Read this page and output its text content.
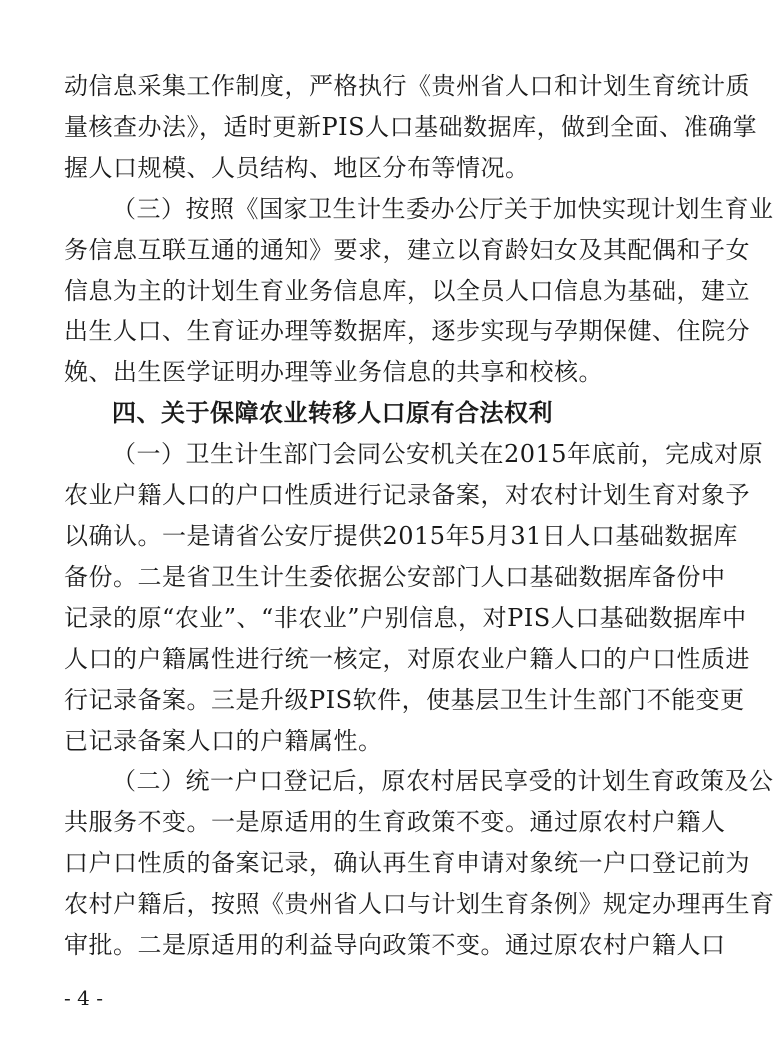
动信息采集工作制度，严格执行《贵州省人口和计划生育统计质
量核查办法》，适时更新PIS人口基础数据库，做到全面、准确掌
握人口规模、人员结构、地区分布等情况。
（三）按照《国家卫生计生委办公厅关于加快实现计划生育业
务信息互联互通的通知》要求，建立以育龄妇女及其配偶和子女
信息为主的计划生育业务信息库，以全员人口信息为基础，建立
出生人口、生育证办理等数据库，逐步实现与孕期保健、住院分
娩、出生医学证明办理等业务信息的共享和校核。
四、关于保障农业转移人口原有合法权利
（一）卫生计生部门会同公安机关在2015年底前，完成对原
农业户籍人口的户口性质进行记录备案，对农村计划生育对象予
以确认。一是请省公安厅提供2015年5月31日人口基础数据库
备份。二是省卫生计生委依据公安部门人口基础数据库备份中
记录的原“农业”、“非农业”户别信息，对PIS人口基础数据库中
人口的户籍属性进行统一核定，对原农业户籍人口的户口性质进
行记录备案。三是升级PIS软件，使基层卫生计生部门不能变更
已记录备案人口的户籍属性。
（二）统一户口登记后，原农村居民享受的计划生育政策及公
共服务不变。一是原适用的生育政策不变。通过原农村户籍人
口户口性质的备案记录，确认再生育申请对象统一户口登记前为
农村户籍后，按照《贵州省人口与计划生育条例》规定办理再生育
审批。二是原适用的利益导向政策不变。通过原农村户籍人口
- 4 -
